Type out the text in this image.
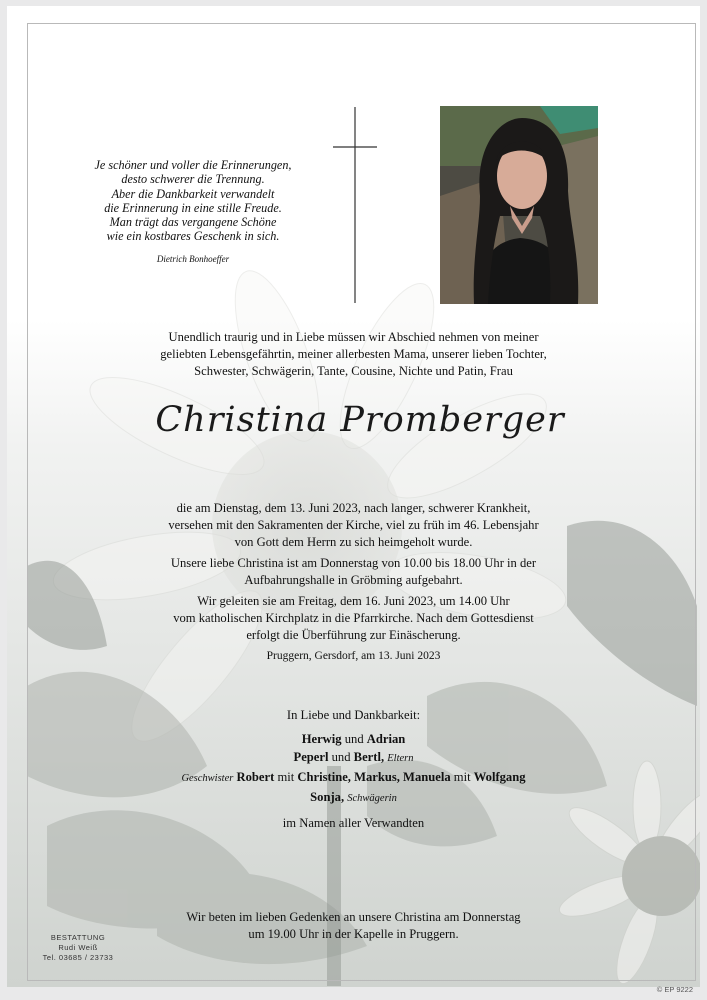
Je schöner und voller die Erinnerungen,
desto schwerer die Trennung.
Aber die Dankbarkeit verwandelt
die Erinnerung in eine stille Freude.
Man trägt das vergangene Schöne
wie ein kostbares Geschenk in sich.
Dietrich Bonhoeffer
Unendlich traurig und in Liebe müssen wir Abschied nehmen von meiner
geliebten Lebensgefährtin, meiner allerbesten Mama, unserer lieben Tochter,
Schwester, Schwägerin, Tante, Cousine, Nichte und Patin, Frau
Christina Promberger
die am Dienstag, dem 13. Juni 2023, nach langer, schwerer Krankheit,
versehen mit den Sakramenten der Kirche, viel zu früh im 46. Lebensjahr
von Gott dem Herrn zu sich heimgeholt wurde.
Unsere liebe Christina ist am Donnerstag von 10.00 bis 18.00 Uhr in der
Aufbahrungshalle in Gröbming aufgebahrt.
Wir geleiten sie am Freitag, dem 16. Juni 2023, um 14.00 Uhr
vom katholischen Kirchplatz in die Pfarrkirche. Nach dem Gottesdienst
erfolgt die Überführung zur Einäscherung.
Pruggern, Gersdorf, am 13. Juni 2023
In Liebe und Dankbarkeit:
Herwig und Adrian
Peperl und Bertl, Eltern
Geschwister Robert mit Christine, Markus, Manuela mit Wolfgang
Sonja, Schwägerin
im Namen aller Verwandten
Wir beten im lieben Gedenken an unsere Christina am Donnerstag
um 19.00 Uhr in der Kapelle in Pruggern.
BESTATTUNG
Rudi Weiß
Tel. 03685 / 23733
© EP 9222
